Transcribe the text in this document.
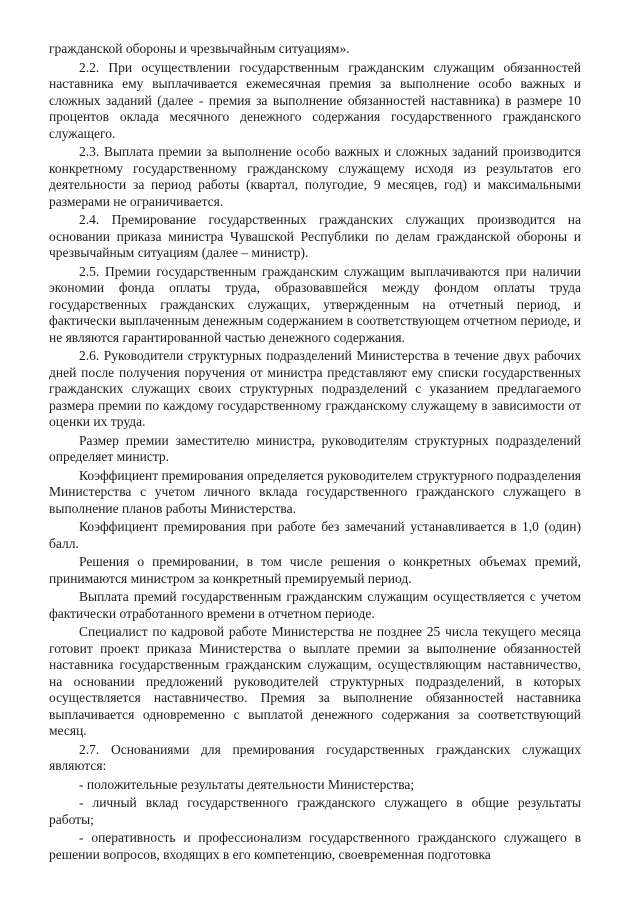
гражданской обороны и чрезвычайным ситуациям».

2.2. При осуществлении государственным гражданским служащим обязанностей наставника ему выплачивается ежемесячная премия за выполнение особо важных и сложных заданий (далее - премия за выполнение обязанностей наставника) в размере 10 процентов оклада месячного денежного содержания государственного гражданского служащего.

2.3. Выплата премии за выполнение особо важных и сложных заданий производится конкретному государственному гражданскому служащему исходя из результатов его деятельности за период работы (квартал, полугодие, 9 месяцев, год) и максимальными размерами не ограничивается.

2.4. Премирование государственных гражданских служащих производится на основании приказа министра Чувашской Республики по делам гражданской обороны и чрезвычайным ситуациям (далее – министр).

2.5. Премии государственным гражданским служащим выплачиваются при наличии экономии фонда оплаты труда, образовавшейся между фондом оплаты труда государственных гражданских служащих, утвержденным на отчетный период, и фактически выплаченным денежным содержанием в соответствующем отчетном периоде, и не являются гарантированной частью денежного содержания.

2.6. Руководители структурных подразделений Министерства в течение двух рабочих дней после получения поручения от министра представляют ему списки государственных гражданских служащих своих структурных подразделений с указанием предлагаемого размера премии по каждому государственному гражданскому служащему в зависимости от оценки их труда.

Размер премии заместителю министра, руководителям структурных подразделений определяет министр.

Коэффициент премирования определяется руководителем структурного подразделения Министерства с учетом личного вклада государственного гражданского служащего в выполнение планов работы Министерства.

Коэффициент премирования при работе без замечаний устанавливается в 1,0 (один) балл.

Решения о премировании, в том числе решения о конкретных объемах премий, принимаются министром за конкретный премируемый период.

Выплата премий государственным гражданским служащим осуществляется с учетом фактически отработанного времени в отчетном периоде.

Специалист по кадровой работе Министерства не позднее 25 числа текущего месяца готовит проект приказа Министерства о выплате премии за выполнение обязанностей наставника государственным гражданским служащим, осуществляющим наставничество, на основании предложений руководителей структурных подразделений, в которых осуществляется наставничество. Премия за выполнение обязанностей наставника выплачивается одновременно с выплатой денежного содержания за соответствующий месяц.

2.7. Основаниями для премирования государственных гражданских служащих являются:

- положительные результаты деятельности Министерства;

- личный вклад государственного гражданского служащего в общие результаты работы;

- оперативность и профессионализм государственного гражданского служащего в решении вопросов, входящих в его компетенцию, своевременная подготовка
